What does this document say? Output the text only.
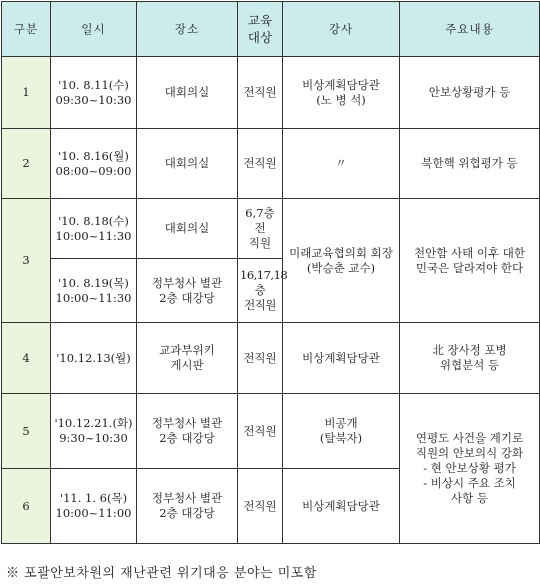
구분	일시	장소	교육
대상	강사	주요내용
1	'10. 8.11(수)
09:30~10:30	대회의실	전직원	비상계획담당관
(노 병 석)	안보상황평가 등
2	'10. 8.16(월)
08:00~09:00	대회의실	전직원	〃	북한핵 위협평가 등
3	'10. 8.18(수)
10:00~11:30	대회의실	6,7층전
직원	미래교육협의회 회장
(박승춘 교수)	천안함 사태 이후 대한
민국은 달라져야 한다
	'10. 8.19(목)
10:00~11:30	정부청사 별관
2층 대강당	16,17,18층
전직원		
4	'10.12.13(월)	교과부위키
게시판	전직원	비상계획담당관	北 장사정 포병
위협분석 등
5	'10.12.21.(화)
9:30~10:30	정부청사 별관
2층 대강당	전직원	비공개
(탈북자)	연평도 사건을 계기로
직원의 안보의식 강화
- 현 안보상황 평가
- 비상시 주요 조치
사항 등
6	'11. 1. 6(목)
10:00~11:00	정부청사 별관
2층 대강당	전직원	비상계획담당관	
※ 포괄안보차원의 재난관련 위기대응 분야는 미포함
